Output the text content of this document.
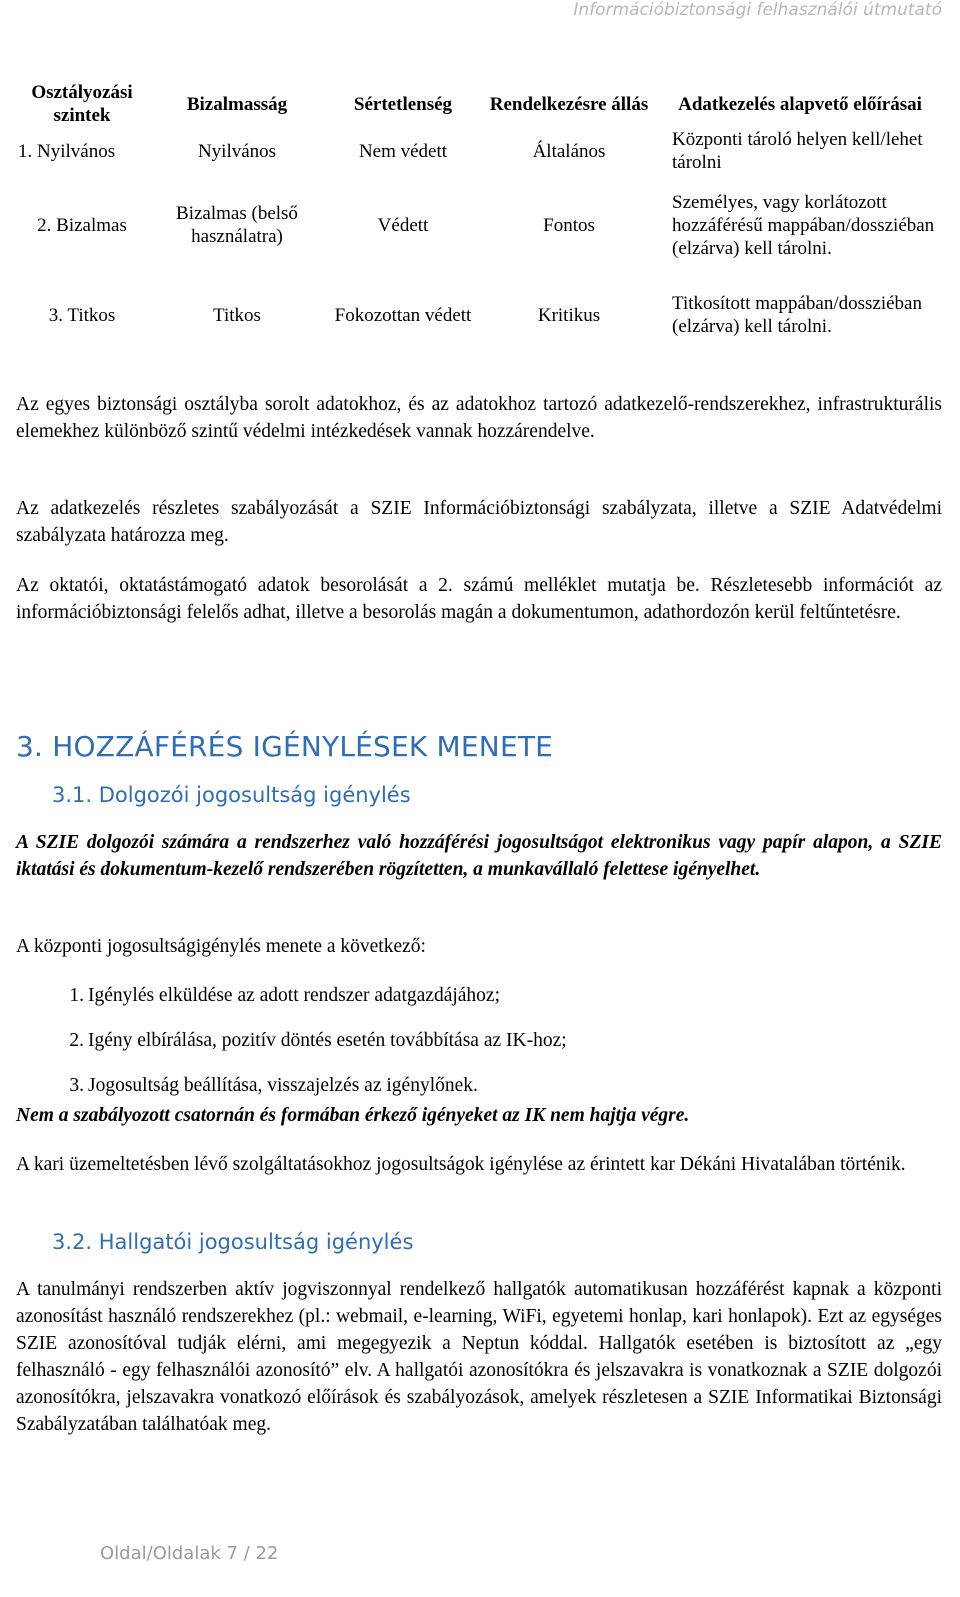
Információbiztonsági felhasználói útmutató
Osztályozási szintek	Bizalmasság	Sértetlenség	Rendelkezésre állás	Adatkezelés alapvető előírásai
1. Nyilvános	Nyilvános	Nem védett	Általános	Központi tároló helyen kell/lehet tárolni
2. Bizalmas	Bizalmas (belső használatra)	Védett	Fontos	Személyes, vagy korlátozott hozzáférésű mappában/dossziéban (elzárva) kell tárolni.
3. Titkos	Titkos	Fokozottan védett	Kritikus	Titkosított mappában/dossziéban (elzárva) kell tárolni.

Az egyes biztonsági osztályba sorolt adatokhoz, és az adatokhoz tartozó adatkezelő-rendszerekhez, infrastrukturális elemekhez különböző szintű védelmi intézkedések vannak hozzárendelve.

Az adatkezelés részletes szabályozását a SZIE Információbiztonsági szabályzata, illetve a SZIE Adatvédelmi szabályzata határozza meg.

Az oktatói, oktatástámogató adatok besorolását a 2. számú melléklet mutatja be. Részletesebb információt az információbiztonsági felelős adhat, illetve a besorolás magán a dokumentumon, adathordozón kerül feltűntetésre.

3. HOZZÁFÉRÉS IGÉNYLÉSEK MENETE
3.1. Dolgozói jogosultság igénylés

A SZIE dolgozói számára a rendszerhez való hozzáférési jogosultságot elektronikus vagy papír alapon, a SZIE iktatási és dokumentum-kezelő rendszerében rögzítetten, a munkavállaló felettese igényelhet.

A központi jogosultságigénylés menete a következő:

1. Igénylés elküldése az adott rendszer adatgazdájához;
2. Igény elbírálása, pozitív döntés esetén továbbítása az IK-hoz;
3. Jogosultság beállítása, visszajelzés az igénylőnek.

Nem a szabályozott csatornán és formában érkező igényeket az IK nem hajtja végre.

A kari üzemeltetésben lévő szolgáltatásokhoz jogosultságok igénylése az érintett kar Dékáni Hivatalában történik.

3.2. Hallgatói jogosultság igénylés

A tanulmányi rendszerben aktív jogviszonnyal rendelkező hallgatók automatikusan hozzáférést kapnak a központi azonosítást használó rendszerekhez (pl.: webmail, e-learning, WiFi, egyetemi honlap, kari honlapok). Ezt az egységes SZIE azonosítóval tudják elérni, ami megegyezik a Neptun kóddal. Hallgatók esetében is biztosított az „egy felhasználó - egy felhasználói azonosító” elv. A hallgatói azonosítókra és jelszavakra is vonatkoznak a SZIE dolgozói azonosítókra, jelszavakra vonatkozó előírások és szabályozások, amelyek részletesen a SZIE Informatikai Biztonsági Szabályzatában találhatóak meg.

Oldal/Oldalak 7 / 22
